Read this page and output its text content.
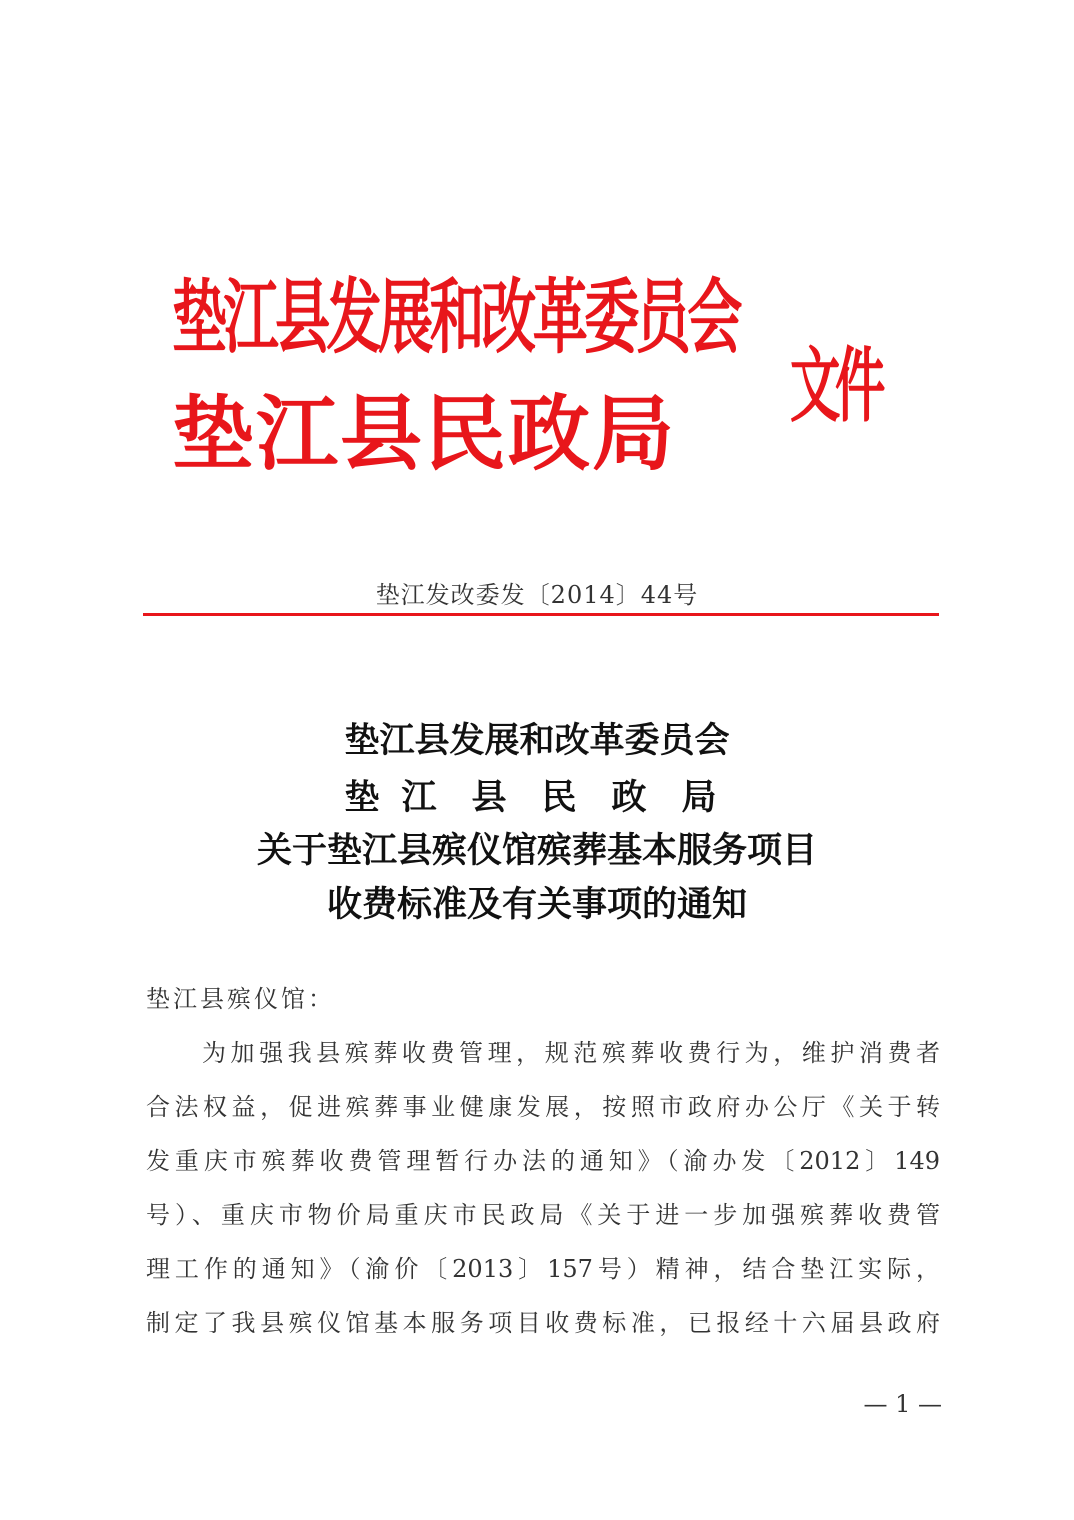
垫江县发展和改革委员会
垫江县民政局 文件
垫江发改委发〔2014〕44号
垫江县发展和改革委员会
垫 江 县 民 政 局
关于垫江县殡仪馆殡葬基本服务项目
收费标准及有关事项的通知
垫江县殡仪馆：
为加强我县殡葬收费管理，规范殡葬收费行为，维护消费者
合法权益，促进殡葬事业健康发展，按照市政府办公厅《关于转
发重庆市殡葬收费管理暂行办法的通知》（渝办发〔2012〕149
号）、重庆市物价局重庆市民政局《关于进一步加强殡葬收费管
理工作的通知》（渝价〔2013〕157号）精神，结合垫江实际，
制定了我县殡仪馆基本服务项目收费标准，已报经十六届县政府
— 1 —
